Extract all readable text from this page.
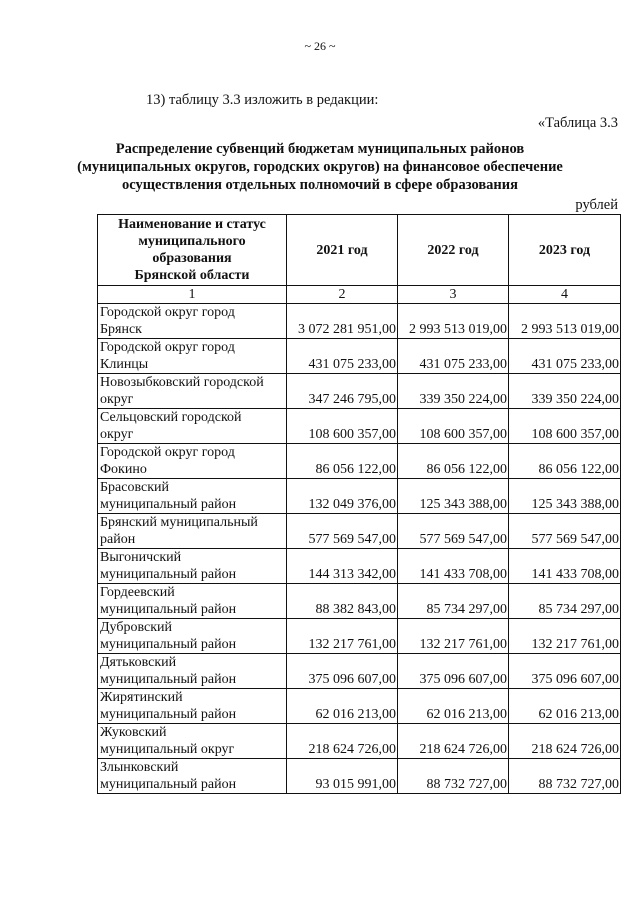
~ 26 ~
13) таблицу 3.3 изложить в редакции:
«Таблица 3.3
Распределение субвенций бюджетам муниципальных районов
(муниципальных округов, городских округов) на финансовое обеспечение
осуществления отдельных полномочий в сфере образования
рублей
Наименование и статус
муниципального
образования
Брянской области	2021 год	2022 год	2023 год
1	2	3	4

Городской округ город
Брянск	3 072 281 951,00	2 993 513 019,00	2 993 513 019,00

Городской округ город
Клинцы	431 075 233,00	431 075 233,00	431 075 233,00

Новозыбковский городской
округ	347 246 795,00	339 350 224,00	339 350 224,00

Сельцовский городской
округ	108 600 357,00	108 600 357,00	108 600 357,00

Городской округ город
Фокино	86 056 122,00	86 056 122,00	86 056 122,00

Брасовский
муниципальный район	132 049 376,00	125 343 388,00	125 343 388,00

Брянский муниципальный
район	577 569 547,00	577 569 547,00	577 569 547,00

Выгоничский
муниципальный район	144 313 342,00	141 433 708,00	141 433 708,00

Гордеевский
муниципальный район	88 382 843,00	85 734 297,00	85 734 297,00

Дубровский
муниципальный район	132 217 761,00	132 217 761,00	132 217 761,00

Дятьковский
муниципальный район	375 096 607,00	375 096 607,00	375 096 607,00

Жирятинский
муниципальный район	62 016 213,00	62 016 213,00	62 016 213,00

Жуковский
муниципальный округ	218 624 726,00	218 624 726,00	218 624 726,00

Злынковский
муниципальный район	93 015 991,00	88 732 727,00	88 732 727,00
